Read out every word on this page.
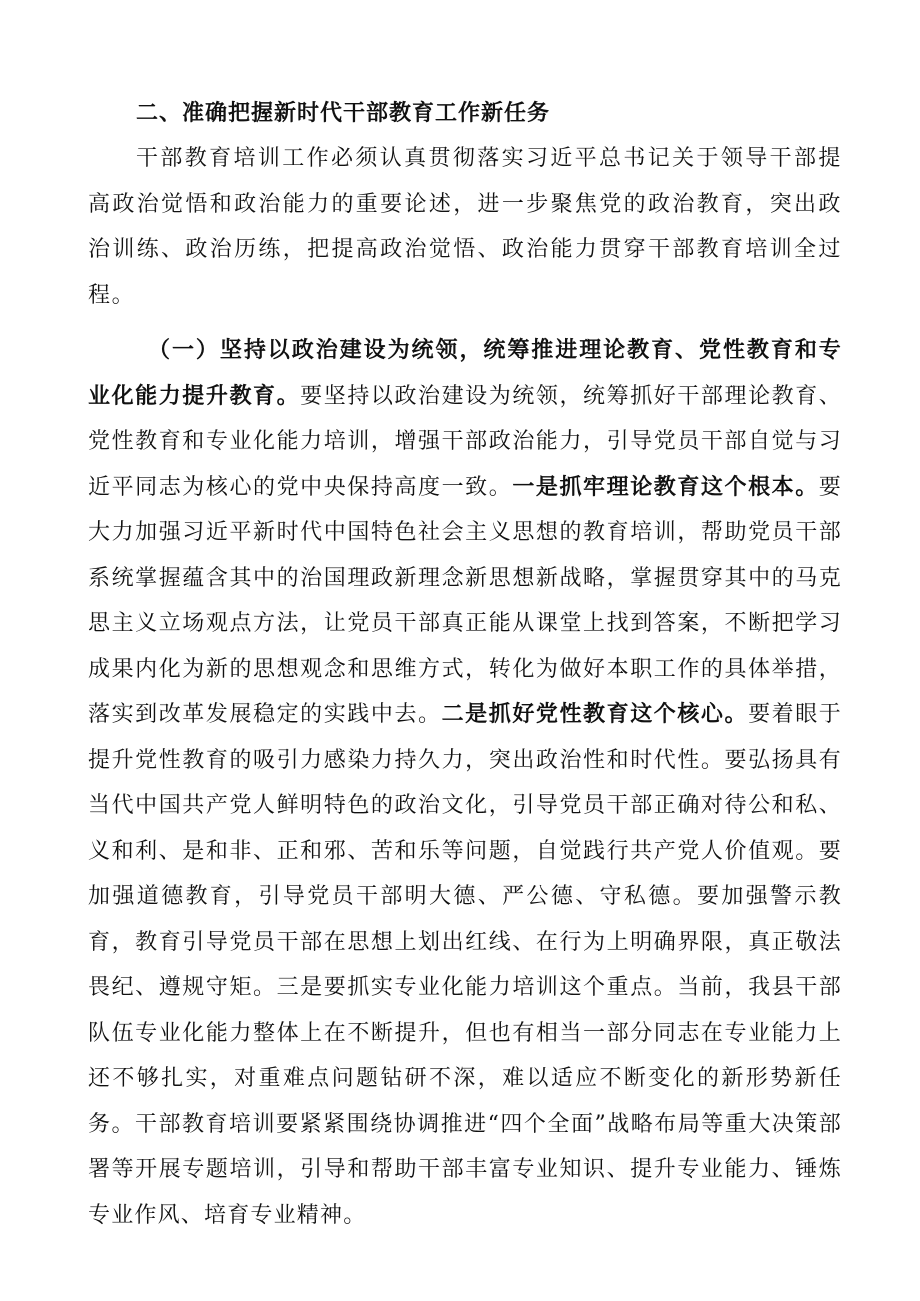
二、准确把握新时代干部教育工作新任务

干部教育培训工作必须认真贯彻落实习近平总书记关于领导干部提高政治觉悟和政治能力的重要论述，进一步聚焦党的政治教育，突出政治训练、政治历练，把提高政治觉悟、政治能力贯穿干部教育培训全过程。

（一）坚持以政治建设为统领，统筹推进理论教育、党性教育和专业化能力提升教育。要坚持以政治建设为统领，统筹抓好干部理论教育、党性教育和专业化能力培训，增强干部政治能力，引导党员干部自觉与习近平同志为核心的党中央保持高度一致。一是抓牢理论教育这个根本。要大力加强习近平新时代中国特色社会主义思想的教育培训，帮助党员干部系统掌握蕴含其中的治国理政新理念新思想新战略，掌握贯穿其中的马克思主义立场观点方法，让党员干部真正能从课堂上找到答案，不断把学习成果内化为新的思想观念和思维方式，转化为做好本职工作的具体举措，落实到改革发展稳定的实践中去。二是抓好党性教育这个核心。要着眼于提升党性教育的吸引力感染力持久力，突出政治性和时代性。要弘扬具有当代中国共产党人鲜明特色的政治文化，引导党员干部正确对待公和私、义和利、是和非、正和邪、苦和乐等问题，自觉践行共产党人价值观。要加强道德教育，引导党员干部明大德、严公德、守私德。要加强警示教育，教育引导党员干部在思想上划出红线、在行为上明确界限，真正敬法畏纪、遵规守矩。三是要抓实专业化能力培训这个重点。当前，我县干部队伍专业化能力整体上在不断提升，但也有相当一部分同志在专业能力上还不够扎实，对重难点问题钻研不深，难以适应不断变化的新形势新任务。干部教育培训要紧紧围绕协调推进“四个全面”战略布局等重大决策部署等开展专题培训，引导和帮助干部丰富专业知识、提升专业能力、锤炼专业作风、培育专业精神。
